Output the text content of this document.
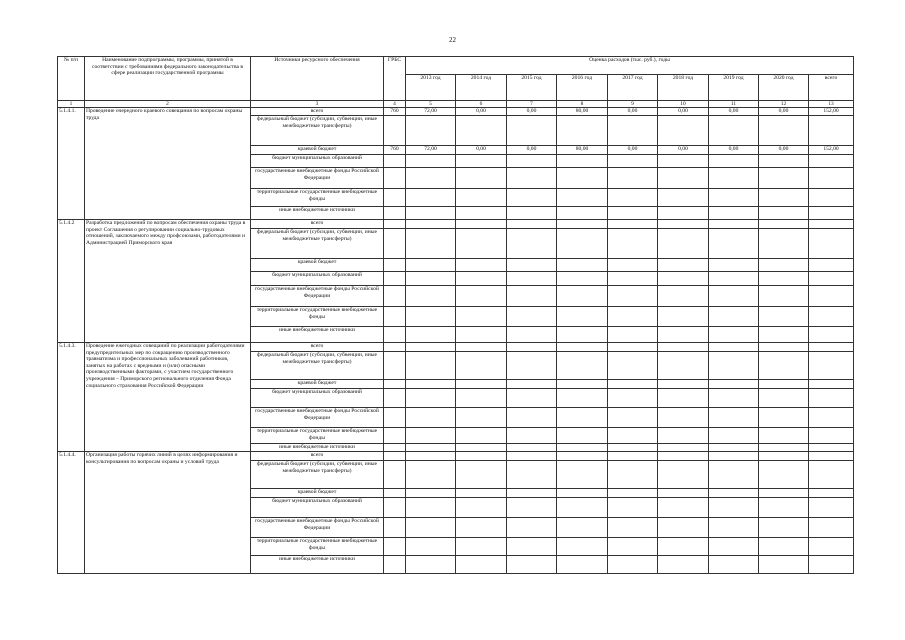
22
№ п/п	Наименование подпрограммы, программы, принятой в соответствии с требованиями федерального законодательства в сфере реализации государственной программы	Источники ресурсного обеспечения	ГРБС	Оценка расходов (тыс. руб.), годы								
				2013 год	2014 год	2015 год	2016 год	2017 год	2018 год	2019 год	2020 год	всего
1	2	3	4	5	6	7	8	9	10	11	12	13
5.1.4.1.	Проведение очередного краевого совещания по вопросам охраны труда	всего	760	72,00	0,00	0,00	80,00	0,00	0,00	0,00	0,00	152,00
		федеральный бюджет (субсидии, субвенции, иные межбюджетные трансферты)										
		краевой бюджет	760	72,00	0,00	0,00	80,00	0,00	0,00	0,00	0,00	152,00
		бюджет муниципальных образований										
		государственные внебюджетные фонды Российской Федерации										
		территориальные государственные внебюджетные фонды										
		иные внебюджетные источники										
5.1.4.2	Разработка предложений по вопросам обеспечения охраны труда в проект Соглашения о регулировании социально-трудовых отношений, заключаемого между профсоюзами, работодателями и Администрацией Приморского края	всего										
		федеральный бюджет (субсидии, субвенции, иные межбюджетные трансферты)										
		краевой бюджет										
		бюджет муниципальных образований										
		государственные внебюджетные фонды Российской Федерации										
		территориальные государственные внебюджетные фонды										
		иные внебюджетные источники										
5.1.4.3.	Проведение ежегодных совещаний по реализации работодателями предупредительных мер по сокращению производственного травматизма и профессиональных заболеваний работников, занятых на работах с вредными и (или) опасными производственными факторами, с участием государственного учреждения – Приморского регионального отделения Фонда социального страхования Российской Федерации	всего										
		федеральный бюджет (субсидии, субвенции, иные межбюджетные трансферты)										
		краевой бюджет										
		бюджет муниципальных образований										
		государственные внебюджетные фонды Российской Федерации										
		территориальные государственные внебюджетные фонды										
		иные внебюджетные источники										
5.1.4.4.	Организация работы горячих линий в целях информирования и консультирования по вопросам охраны и условий труда	всего										
		федеральный бюджет (субсидии, субвенции, иные межбюджетные трансферты)										
		краевой бюджет										
		бюджет муниципальных образований										
		государственные внебюджетные фонды Российской Федерации										
		территориальные государственные внебюджетные фонды										
		иные внебюджетные источники										
